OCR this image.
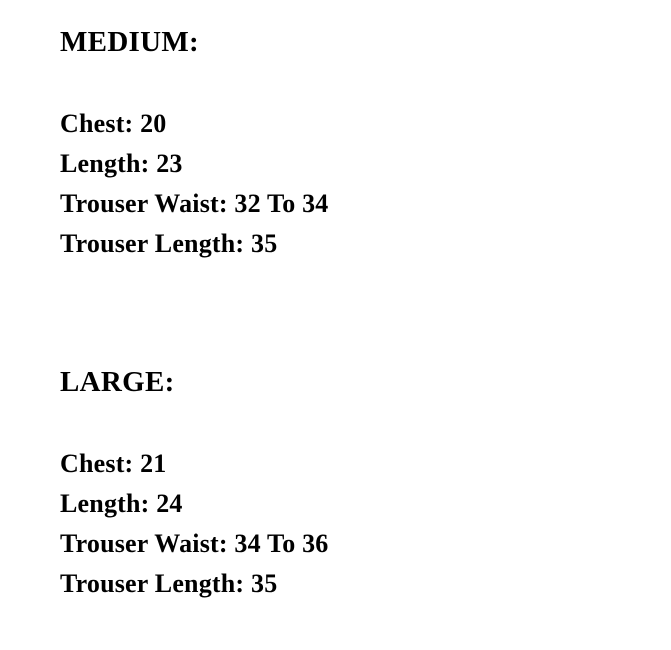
MEDIUM:
Chest: 20
Length: 23
Trouser Waist: 32 To 34
Trouser Length: 35
LARGE:
Chest: 21
Length: 24
Trouser Waist: 34 To 36
Trouser Length: 35
